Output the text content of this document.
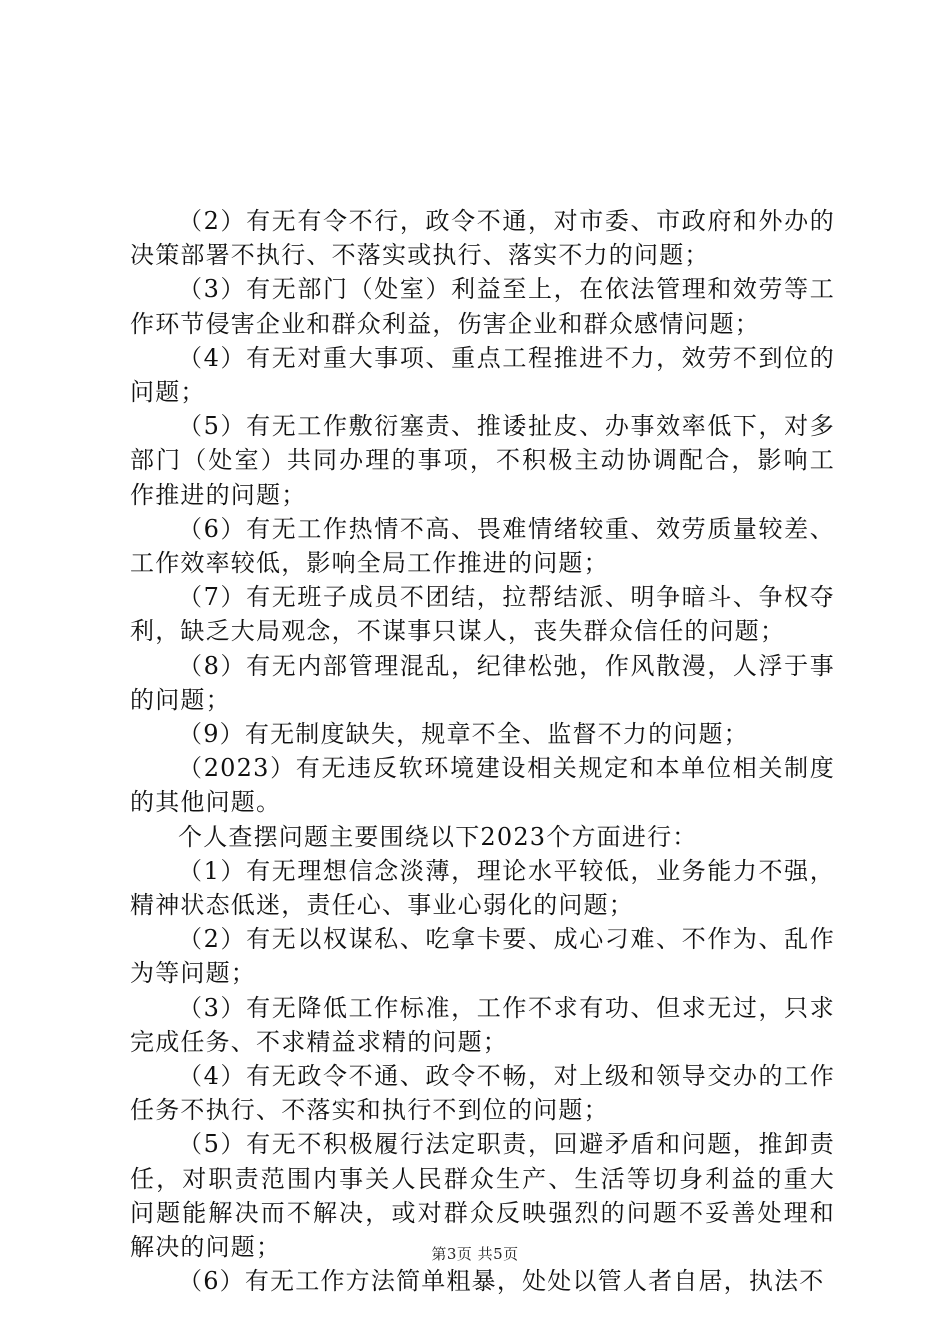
（2）有无有令不行，政令不通，对市委、市政府和外办的决策部署不执行、不落实或执行、落实不力的问题；

（3）有无部门（处室）利益至上，在依法管理和效劳等工作环节侵害企业和群众利益，伤害企业和群众感情问题；

（4）有无对重大事项、重点工程推进不力，效劳不到位的问题；

（5）有无工作敷衍塞责、推诿扯皮、办事效率低下，对多部门（处室）共同办理的事项，不积极主动协调配合，影响工作推进的问题；

（6）有无工作热情不高、畏难情绪较重、效劳质量较差、工作效率较低，影响全局工作推进的问题；

（7）有无班子成员不团结，拉帮结派、明争暗斗、争权夺利，缺乏大局观念，不谋事只谋人，丧失群众信任的问题；

（8）有无内部管理混乱，纪律松弛，作风散漫，人浮于事的问题；

（9）有无制度缺失，规章不全、监督不力的问题；

（2023）有无违反软环境建设相关规定和本单位相关制度的其他问题。

个人查摆问题主要围绕以下2023个方面进行：

（1）有无理想信念淡薄，理论水平较低，业务能力不强，精神状态低迷，责任心、事业心弱化的问题；

（2）有无以权谋私、吃拿卡要、成心刁难、不作为、乱作为等问题；

（3）有无降低工作标准，工作不求有功、但求无过，只求完成任务、不求精益求精的问题；

（4）有无政令不通、政令不畅，对上级和领导交办的工作任务不执行、不落实和执行不到位的问题；

（5）有无不积极履行法定职责，回避矛盾和问题，推卸责任，对职责范围内事关人民群众生产、生活等切身利益的重大问题能解决而不解决，或对群众反映强烈的问题不妥善处理和解决的问题；

（6）有无工作方法简单粗暴，处处以管人者自居，执法不

第3页 共5页
